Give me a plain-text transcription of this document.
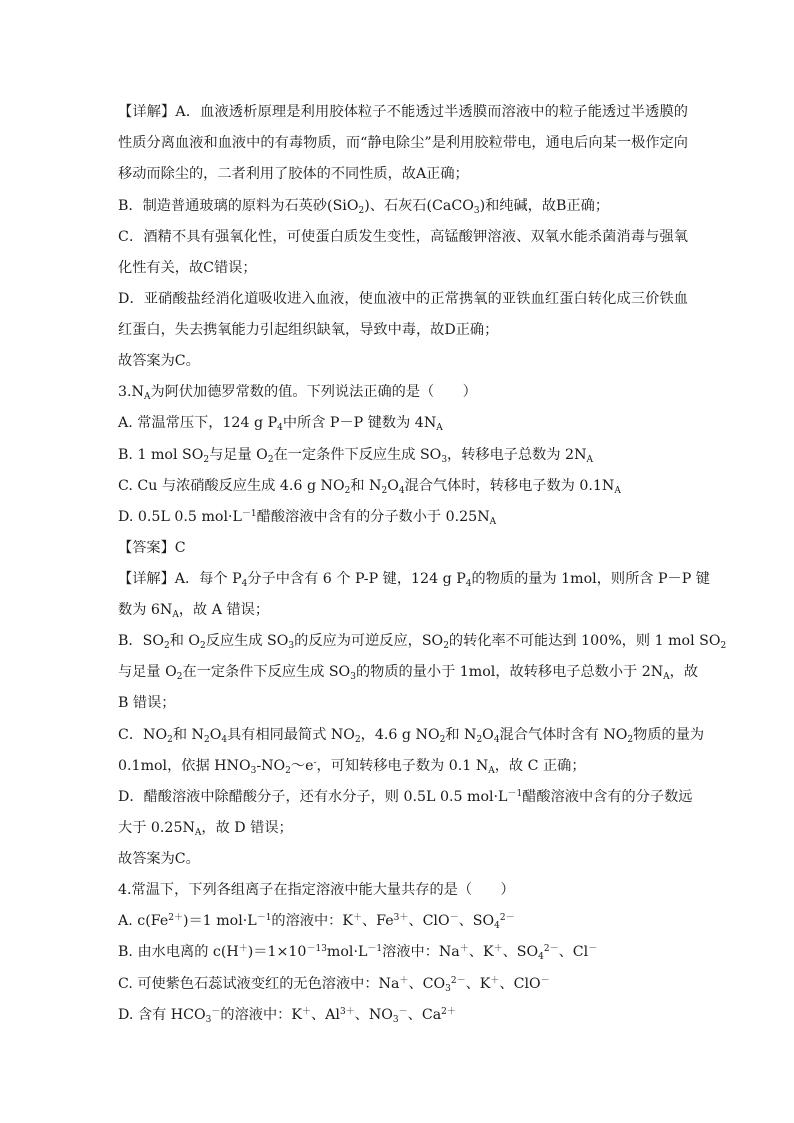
【详解】A．血液透析原理是利用胶体粒子不能透过半透膜而溶液中的粒子能透过半透膜的
性质分离血液和血液中的有毒物质，而“静电除尘”是利用胶粒带电，通电后向某一极作定向
移动而除尘的，二者利用了胶体的不同性质，故A正确；
B．制造普通玻璃的原料为石英砂(SiO$_2$)、石灰石(CaCO$_3$)和纯碱，故B正确；
C．酒精不具有强氧化性，可使蛋白质发生变性，高锰酸钾溶液、双氧水能杀菌消毒与强氧
化性有关，故C错误；
D．亚硝酸盐经消化道吸收进入血液，使血液中的正常携氧的亚铁血红蛋白转化成三价铁血
红蛋白，失去携氧能力引起组织缺氧，导致中毒，故D正确；
故答案为C。
$3.N_A$为阿伏加德罗常数的值。下列说法正确的是（　　）
A. 常温常压下，124 g $P_4$中所含 P－P 键数为 $4N_A$
B. 1 mol $SO_2$与足量 $O_2$在一定条件下反应生成 $SO_3$，转移电子总数为 $2N_A$
C. Cu 与浓硝酸反应生成 4.6 g $NO_2$和 $N_2O_4$混合气体时，转移电子数为 $0.1N_A$
D. 0.5L 0.5 $mol\cdot L^{-1}$醋酸溶液中含有的分子数小于 $0.25N_A$
【答案】C
【详解】A．每个 $P_4$分子中含有 6 个 P-P 键，124 g $P_4$的物质的量为 1mol，则所含 P－P 键
数为 $6N_A$，故 A 错误；
B．$SO_2$和 $O_2$反应生成 $SO_3$的反应为可逆反应，$SO_2$的转化率不可能达到 100%，则 1 mol $SO_2$
与足量 $O_2$在一定条件下反应生成 $SO_3$的物质的量小于 1mol，故转移电子总数小于 $2N_A$，故
B 错误；
C．$NO_2$和 $N_2O_4$具有相同最简式 $NO_2$，4.6 g $NO_2$和 $N_2O_4$混合气体时含有 $NO_2$物质的量为
0.1mol，依据 $HNO_3-NO_2\sim e^-$，可知转移电子数为 0.1 $N_A$，故 C 正确；
D．醋酸溶液中除醋酸分子，还有水分子，则 0.5L 0.5 $mol\cdot L^{-1}$醋酸溶液中含有的分子数远
大于 $0.25N_A$，故 D 错误；
故答案为C。
4.常温下，下列各组离子在指定溶液中能大量共存的是（　　）
A. $c(Fe^{2+})=1$ $mol\cdot L^{-1}$的溶液中：K＋、$Fe^{3+}$、ClO－、$SO_4^{2-}$
B. 由水电离的 $c(H^+)=1\times 10^{-13}mol\cdot L^{-1}$溶液中：Na＋、K＋、$SO_4^{2-}$、Cl－
C. 可使紫色石蕊试液变红的无色溶液中：Na＋、$CO_3^{2-}$、K＋、ClO－
D. 含有 $HCO_3^-$的溶液中：K＋、$Al^{3+}$、$NO_3^-$、$Ca^{2+}$
